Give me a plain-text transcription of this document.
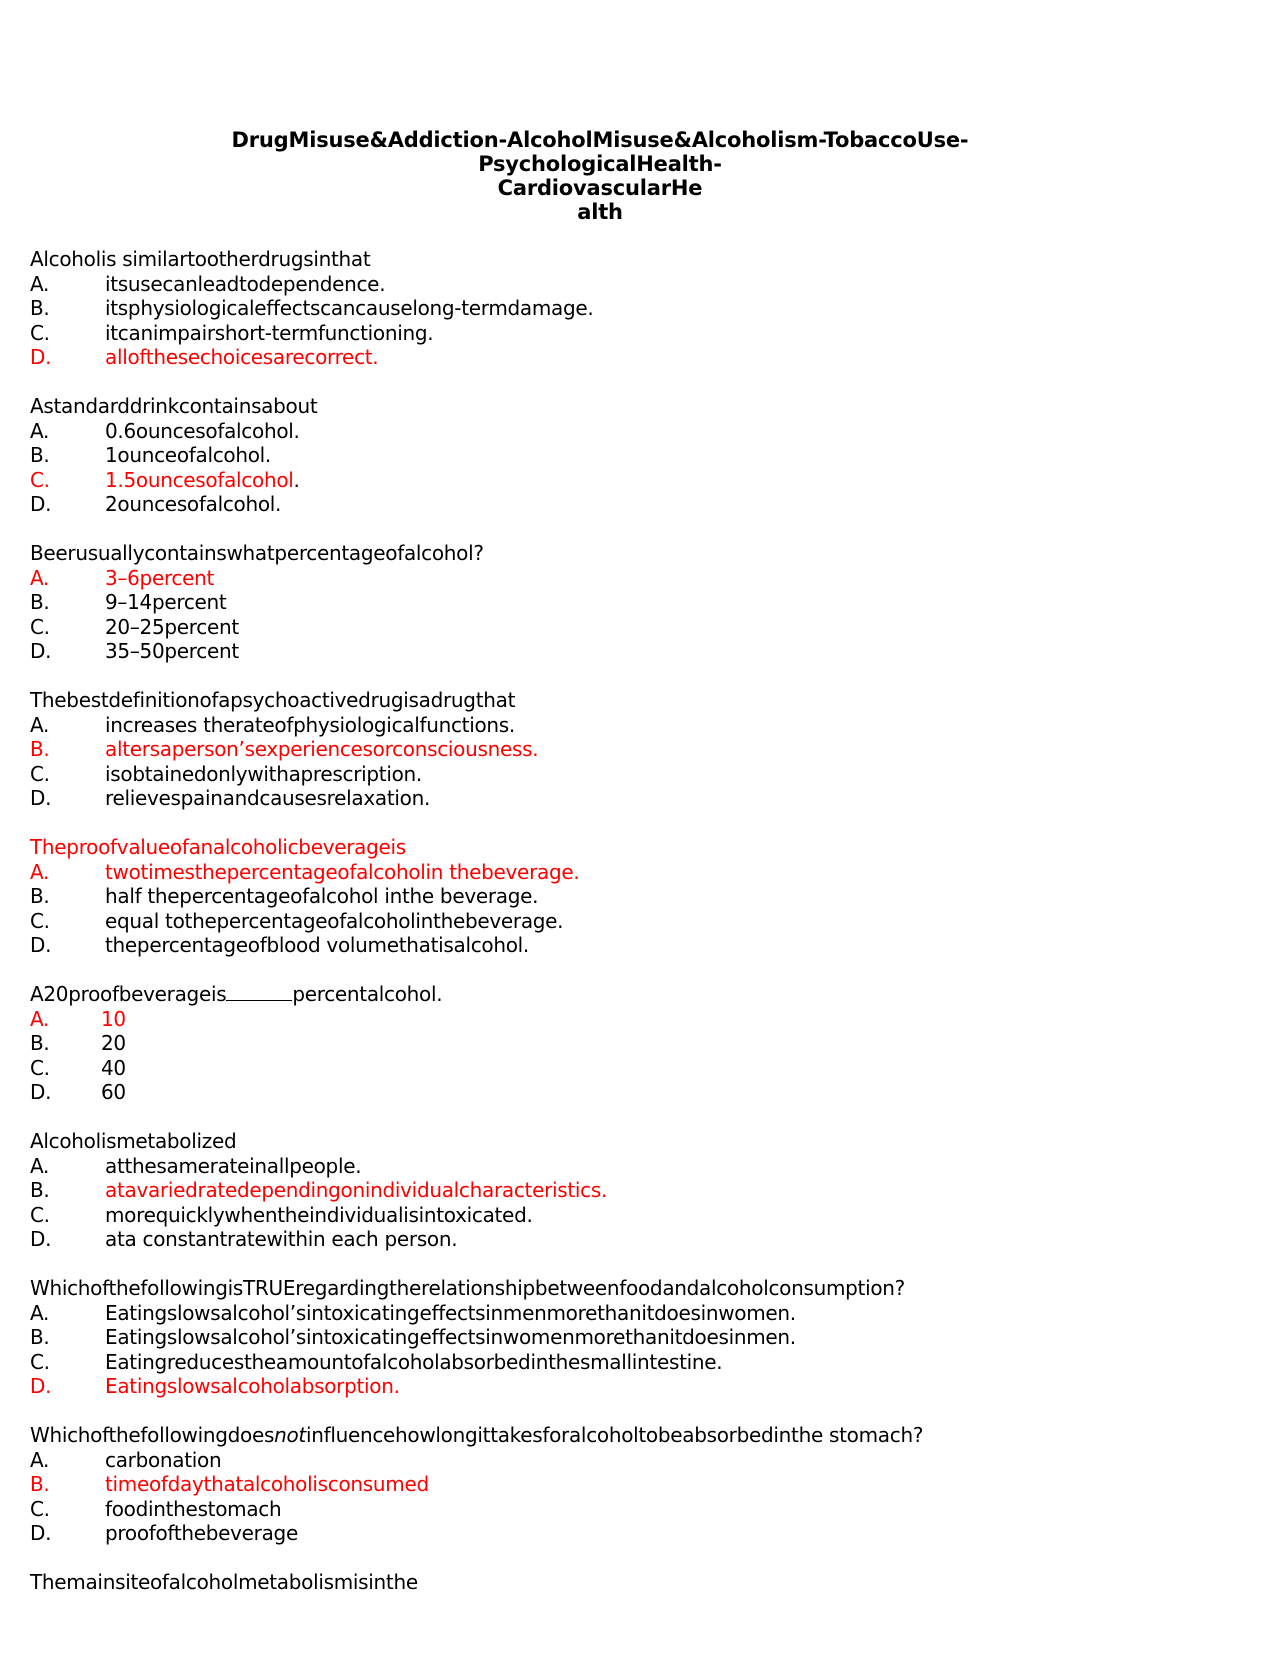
DrugMisuse&Addiction-AlcoholMisuse&Alcoholism-TobaccoUse-
PsychologicalHealth-
CardiovascularHe
alth
Alcoholis similartootherdrugsinthat
A.	itsusecanleadtodependence.
B.	itsphysiologicaleffectscancauselong-termdamage.
C.	itcanimpairshort-termfunctioning.
D.	allofthesechoicesarecorrect.
Astandarddrinkcontainsabout
A.	0.6ouncesofalcohol.
B.	1ounceofalcohol.
C.	1.5ouncesofalcohol.
D.	2ouncesofalcohol.
Beerusuallycontainswhatpercentageofalcohol?
A.	3–6percent
B.	9–14percent
C.	20–25percent
D.	35–50percent
Thebestdefinitionofapsychoactivedrugisadrugthat
A.	increases therateofphysiologicalfunctions.
B.	altersaperson’sexperiencesorconsciousness.
C.	isobtainedonlywithaprescription.
D.	relievespainandcausesrelaxation.
Theproofvalueofanalcoholicbeverageis
A.	twotimesthepercentageofalcoholin thebeverage.
B.	half thepercentageofalcohol inthe beverage.
C.	equal tothepercentageofalcoholinthebeverage.
D.	thepercentageofblood volumethatisalcohol.
A20proofbeverageis	percentalcohol.
A.	10
B.	20
C.	40
D.	60
Alcoholismetabolized
A.	atthesamerateinallpeople.
B.	atavariedratedependingonindividualcharacteristics.
C.	morequicklywhentheindividualisintoxicated.
D.	ata constantratewithin each person.
WhichofthefollowingisTRUEregardingtherelationshipbetweenfoodandalcoholconsumption?
A.	Eatingslowsalcohol’sintoxicatingeffectsinmenmorethanitdoesinwomen.
B.	Eatingslowsalcohol’sintoxicatingeffectsinwomenmorethanitdoesinmen.
C.	Eatingreducestheamountofalcoholabsorbedinthesmallintestine.
D.	Eatingslowsalcoholabsorption.
Whichofthefollowingdoesnotinfluencehowlongittakesforalcoholtobeabsorbedinthe stomach?
A.	carbonation
B.	timeofdaythatalcoholisconsumed
C.	foodinthestomach
D.	proofofthebeverage
Themainsiteofalcoholmetabolismisinthe
